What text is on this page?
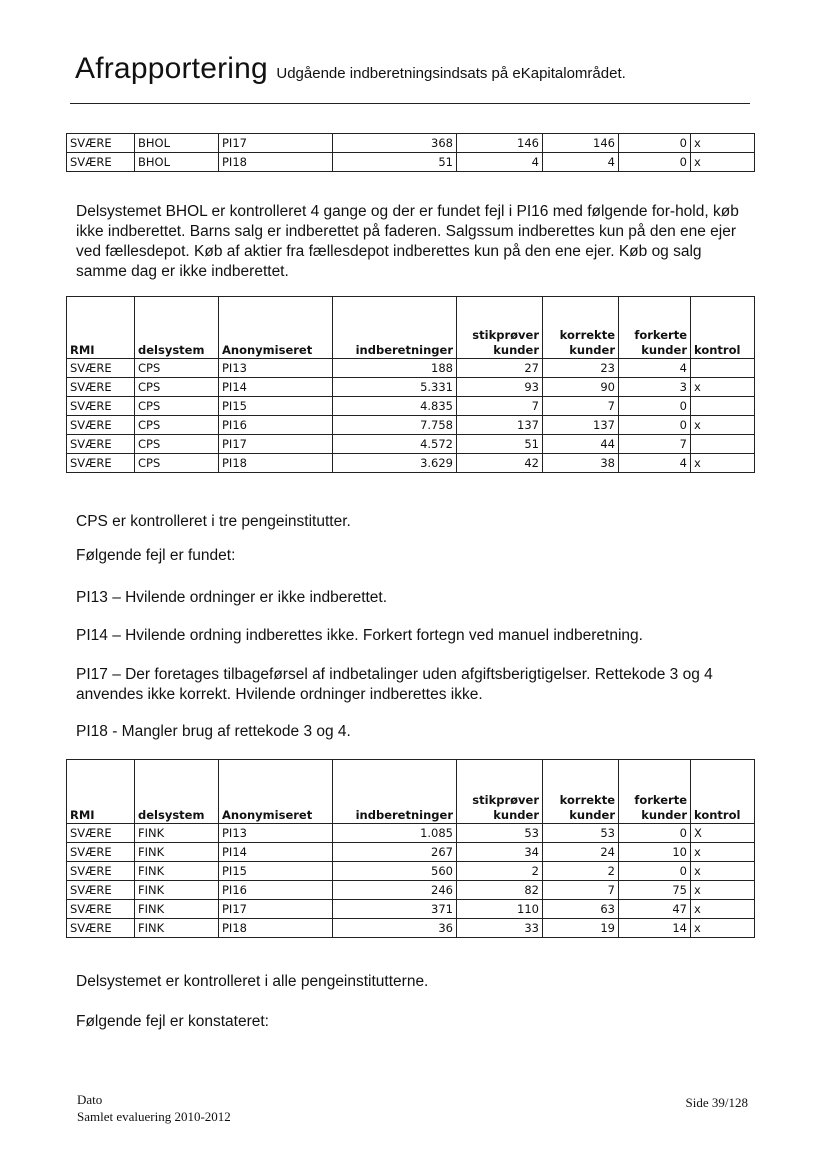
Afrapportering Udgående indberetningsindsats på eKapitalområdet.
SVÆRE	BHOL	PI17	368	146	146	0	x
SVÆRE	BHOL	PI18	51	4	4	0	x

Delsystemet BHOL er kontrolleret 4 gange og der er fundet fejl i PI16 med følgende for-hold, køb ikke indberettet. Barns salg er indberettet på faderen. Salgssum indberettes kun på den ene ejer ved fællesdepot. Køb af aktier fra fællesdepot indberettes kun på den ene ejer. Køb og salg samme dag er ikke indberettet.

RMI	delsystem	Anonymiseret	indberetninger	stikprøver kunder	korrekte kunder	forkerte kunder	kontrol
SVÆRE	CPS	PI13	188	27	23	4	
SVÆRE	CPS	PI14	5.331	93	90	3	x
SVÆRE	CPS	PI15	4.835	7	7	0	
SVÆRE	CPS	PI16	7.758	137	137	0	x
SVÆRE	CPS	PI17	4.572	51	44	7	
SVÆRE	CPS	PI18	3.629	42	38	4	x

CPS er kontrolleret i tre pengeinstitutter.

Følgende fejl er fundet:

PI13 – Hvilende ordninger er ikke indberettet.

PI14 – Hvilende ordning indberettes ikke. Forkert fortegn ved manuel indberetning.

PI17 – Der foretages tilbageførsel af indbetalinger uden afgiftsberigtigelser. Rettekode 3 og 4 anvendes ikke korrekt. Hvilende ordninger indberettes ikke.

PI18 - Mangler brug af rettekode 3 og 4.

RMI	delsystem	Anonymiseret	indberetninger	stikprøver kunder	korrekte kunder	forkerte kunder	kontrol
SVÆRE	FINK	PI13	1.085	53	53	0	X
SVÆRE	FINK	PI14	267	34	24	10	x
SVÆRE	FINK	PI15	560	2	2	0	x
SVÆRE	FINK	PI16	246	82	7	75	x
SVÆRE	FINK	PI17	371	110	63	47	x
SVÆRE	FINK	PI18	36	33	19	14	x

Delsystemet er kontrolleret i alle pengeinstitutterne.

Følgende fejl er konstateret:

Dato
Samlet evaluering 2010-2012
Side 39/128
